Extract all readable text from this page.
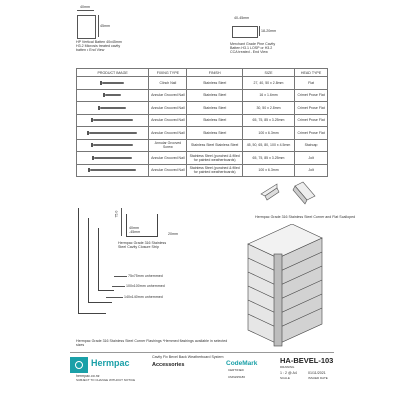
40mm
45mm
HP Vertical Batten 40x45mm H3.2 Microsis treated cavity batten • End View
40-45mm
18-20mm
Merchant Grade Pine Cavity Batten H3.1 LOSP or H3.2 CCA treated - End View
PRODUCT IMAGE	FIXING TYPE	FINISH	SIZE	HEAD TYPE

	Clinch Nail	Stainless Steel	27, 40, 50 x 2.8mm	Flat

	Annular Grooved Nail	Stainless Steel	16 x 1.6mm	Crimet Prose Flat

	Annular Grooved Nail	Stainless Steel	30, 50 x 2.8mm	Crimet Prose Flat

	Annular Grooved Nail	Stainless Steel	65, 75, 85 x 3.25mm	Crimet Prose Flat

	Annular Grooved Nail	Stainless Steel	100 x 6.3mm	Crimet Prose Flat

	Annular Grooved Screw	Stainless Steel Stainless Steel	45, 50, 65, 80, 100 x 4.5mm	Staircap

	Annular Grooved Nail	Stainless Steel (punched & filled for painted weatherboards)	65, 75, 85 x 3.25mm	Jolt

	Annular Grooved Nail	Stainless Steel (punched & filled for painted weatherboards)	100 x 6.3mm	Jolt
Hermpac Grade 316 Stainless Steel Corner and Flat Scalloped
75.0
40mm -45mm	20mm
Hermpac Grade 316 Stainless Steel Cavity Closure Strip
75x75mm unhemmed
100x100mm unhemmed
140x140mm unhemmed
Hermpac Grade 316 Stainless Steel Corner Flashings *Hemmed flashings available in selected sizes
Hermpac
hermpac.co.nz
SUBJECT TO CHANGE WITHOUT NOTICE
Cavity Fix Bevel Back Weatherboard System
Accessories	CodeMark
CERTIFIED
CMNZ25186
HA-BEVEL-103
DRAWING
1 : 2 @ A4
SCALE
01/11/2021
ISSUED DATE
